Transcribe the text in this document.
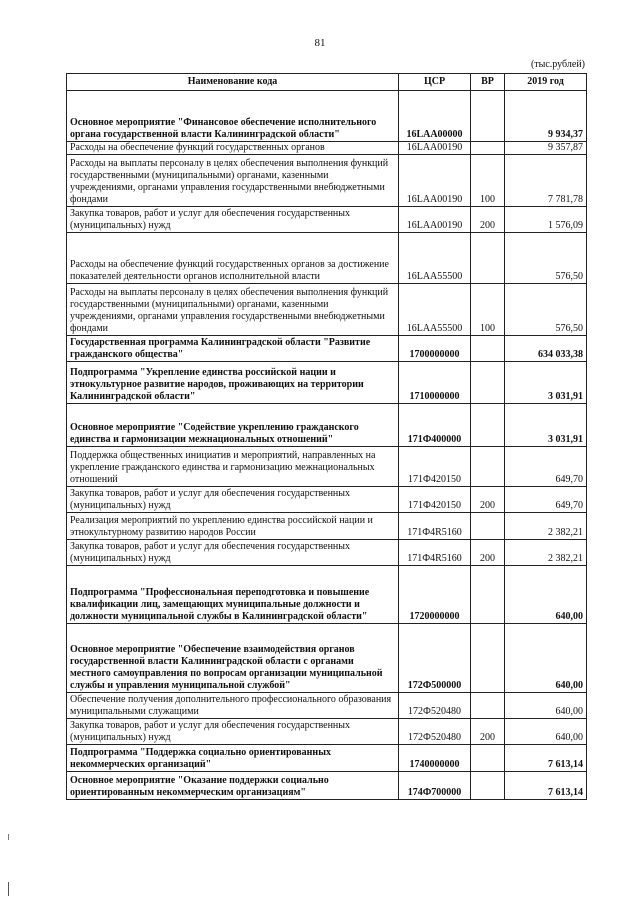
81
(тыс.рублей)
Наименование кода	ЦСР	ВР	2019 год
Основное мероприятие "Финансовое обеспечение исполнительного органа государственной власти Калининградской области"	16LAA00000		9 934,37
Расходы на обеспечение функций государственных органов	16LAA00190		9 357,87
Расходы на выплаты персоналу в целях обеспечения выполнения функций государственными (муниципальными) органами, казенными учреждениями, органами управления государственными внебюджетными фондами	16LAA00190	100	7 781,78
Закупка товаров, работ и услуг для обеспечения государственных (муниципальных) нужд	16LAA00190	200	1 576,09
Расходы на обеспечение функций государственных органов за достижение показателей деятельности органов исполнительной власти	16LAA55500		576,50
Расходы на выплаты персоналу в целях обеспечения выполнения функций государственными (муниципальными) органами, казенными учреждениями, органами управления государственными внебюджетными фондами	16LAA55500	100	576,50
Государственная программа Калининградской области "Развитие гражданского общества"	1700000000		634 033,38
Подпрограмма "Укрепление единства российской нации и этнокультурное развитие народов, проживающих на территории Калининградской области"	1710000000		3 031,91
Основное мероприятие "Содействие укреплению гражданского единства и гармонизации межнациональных отношений"	171Ф400000		3 031,91
Поддержка общественных инициатив и мероприятий, направленных на укрепление гражданского единства и гармонизацию межнациональных отношений	171Ф420150		649,70
Закупка товаров, работ и услуг для обеспечения государственных (муниципальных) нужд	171Ф420150	200	649,70
Реализация мероприятий по укреплению единства российской нации и этнокультурному развитию народов России	171Ф4R5160		2 382,21
Закупка товаров, работ и услуг для обеспечения государственных (муниципальных) нужд	171Ф4R5160	200	2 382,21
Подпрограмма "Профессиональная переподготовка и повышение квалификации лиц, замещающих муниципальные должности и должности муниципальной службы в Калининградской области"	1720000000		640,00
Основное мероприятие "Обеспечение взаимодействия органов государственной власти Калининградской области с органами местного самоуправления по вопросам организации муниципальной службы и управления муниципальной службой"	172Ф500000		640,00
Обеспечение получения дополнительного профессионального образования муниципальными служащими	172Ф520480		640,00
Закупка товаров, работ и услуг для обеспечения государственных (муниципальных) нужд	172Ф520480	200	640,00
Подпрограмма "Поддержка социально ориентированных некоммерческих организаций"	1740000000		7 613,14
Основное мероприятие "Оказание поддержки социально ориентированным некоммерческим организациям"	174Ф700000		7 613,14
